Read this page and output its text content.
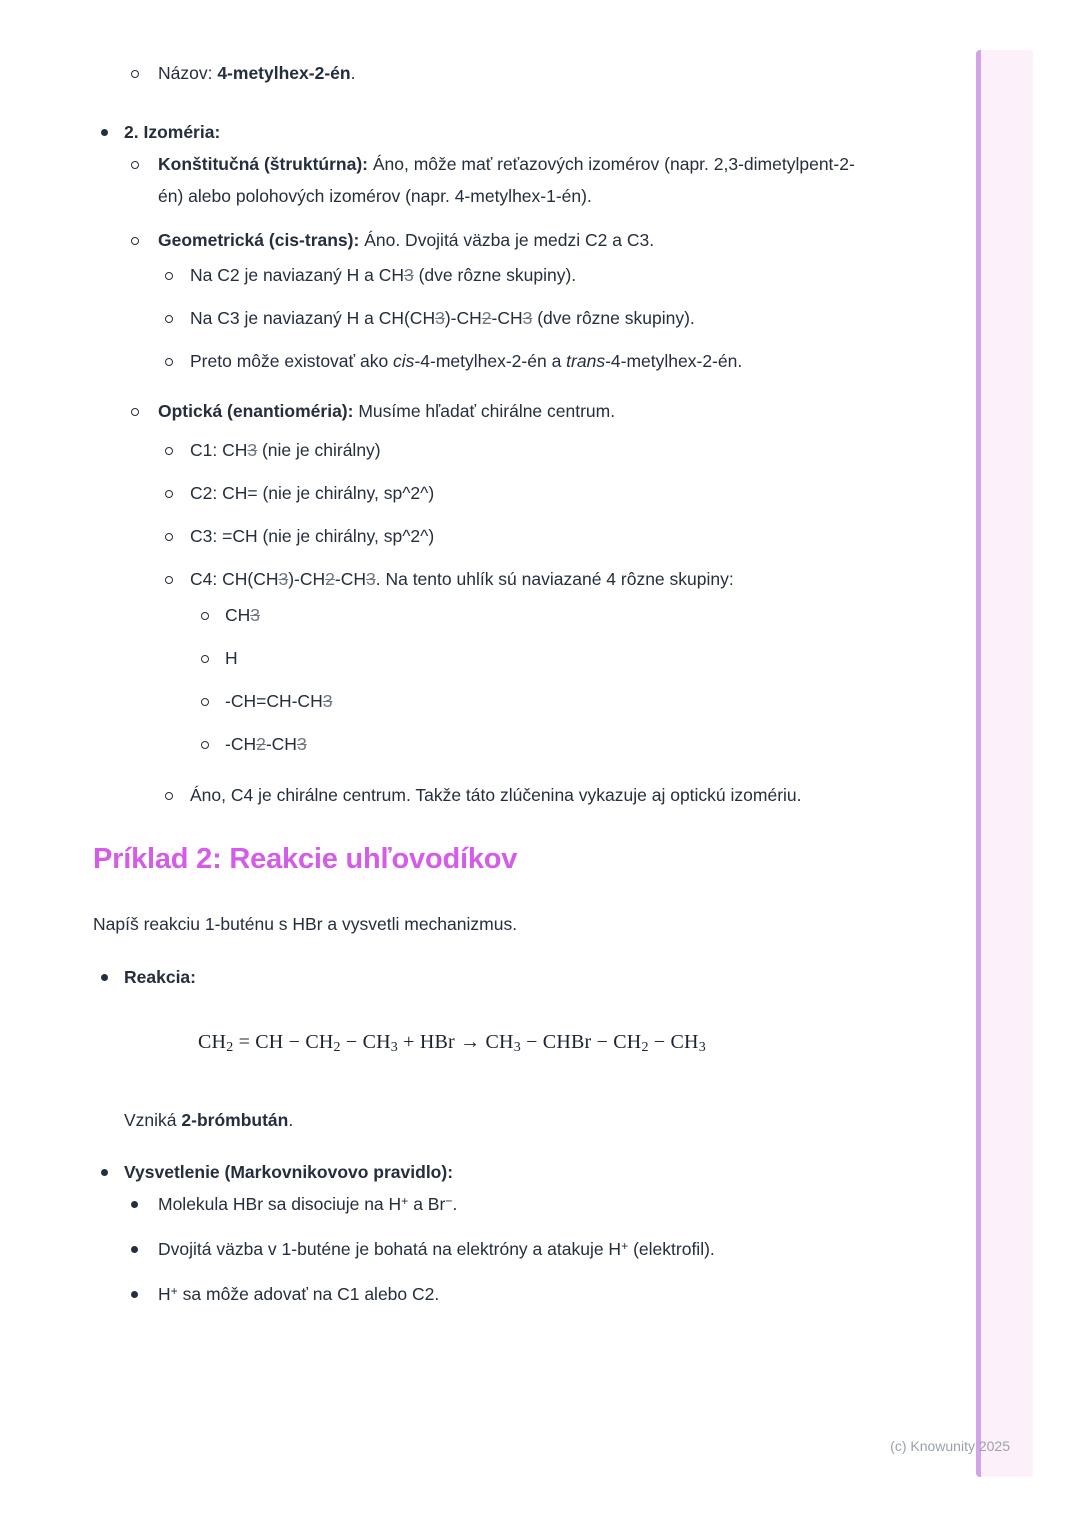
Názov: 4-metylhex-2-én.
2. Izoméria:
Konštitučná (štruktúrna): Áno, môže mať reťazových izomérov (napr. 2,3-dimetylpent-2-én) alebo polohových izomérov (napr. 4-metylhex-1-én).
Geometrická (cis-trans): Áno. Dvojitá väzba je medzi C2 a C3.
Na C2 je naviazaný H a CH3 (dve rôzne skupiny).
Na C3 je naviazaný H a CH(CH3)-CH2-CH3 (dve rôzne skupiny).
Preto môže existovať ako cis-4-metylhex-2-én a trans-4-metylhex-2-én.
Optická (enantioméria): Musíme hľadať chirálne centrum.
C1: CH3 (nie je chirálny)
C2: CH= (nie je chirálny, sp^2^)
C3: =CH (nie je chirálny, sp^2^)
C4: CH(CH3)-CH2-CH3. Na tento uhlík sú naviazané 4 rôzne skupiny:
CH3
H
-CH=CH-CH3
-CH2-CH3
Áno, C4 je chirálne centrum. Takže táto zlúčenina vykazuje aj optickú izomériu.
Príklad 2: Reakcie uhľovodíkov

Napíš reakciu 1-buténu s HBr a vysvetli mechanizmus.

Reakcia:
CH2 = CH − CH2 − CH3 + HBr → CH3 − CHBr − CH2 − CH3

Vzniká 2-brómbután.

Vysvetlenie (Markovnikovovo pravidlo):
Molekula HBr sa disociuje na H+ a Br−.
Dvojitá väzba v 1-buténe je bohatá na elektróny a atakuje H+ (elektrofil).
H+ sa môže adovať na C1 alebo C2.
(c) Knowunity 2025
